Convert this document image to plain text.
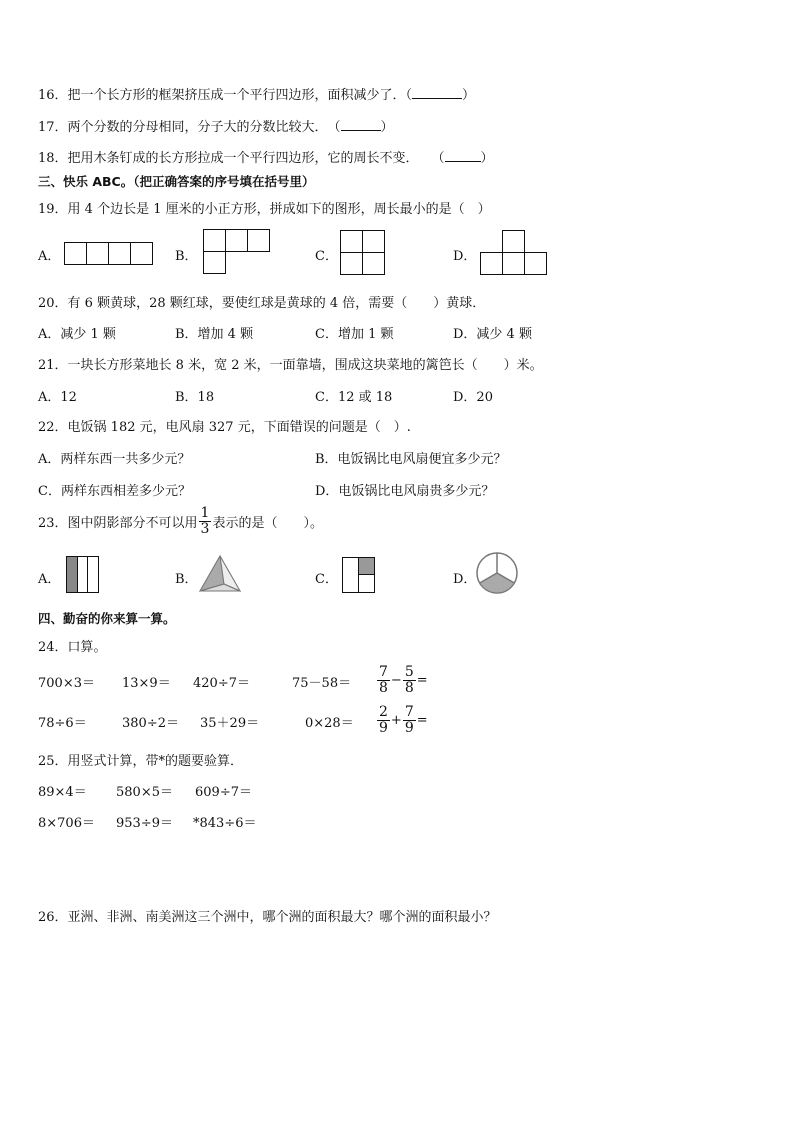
16．把一个长方形的框架挤压成一个平行四边形，面积减少了．（	）
17．两个分数的分母相同，分子大的分数比较大．　（	）
18．把用木条钉成的长方形拉成一个平行四边形，它的周长不变．　　（	）
三、快乐 ABC。（把正确答案的序号填在括号里）
19．用 4 个边长是 1 厘米的小正方形，拼成如下的图形，周长最小的是（　）
A．	B．	C．	D．
20．有 6 颗黄球，28 颗红球，要使红球是黄球的 4 倍，需要（　　）黄球．
A．减少 1 颗	B．增加 4 颗	C．增加 1 颗	D．减少 4 颗
21．一块长方形菜地长 8 米，宽 2 米，一面靠墙，围成这块菜地的篱笆长（　　）米。
A．12	B．18	C．12 或 18	D．20
22．电饭锅 182 元，电风扇 327 元，下面错误的问题是（　）.
A．两样东西一共多少元？	B．电饭锅比电风扇便宜多少元？
C．两样东西相差多少元？	D．电饭锅比电风扇贵多少元？
23．图中阴影部分不可以用 $\frac{1}{3}$ 表示的是（　　）。
A．	B．	C．	D．
四、勤奋的你来算一算。
24．口算。
700×3＝ 13×9＝ 420÷7＝	$75-58= \frac{7}{8} - \frac{5}{8}$ =
78÷6＝	380÷2＝ 35＋29＝	$0\times 28= \frac{2}{9} + \frac{7}{9}$ =
25．用竖式计算，带*的题要验算．
89×4＝ 580×5＝ 609÷7＝
8×706＝ 953÷9＝ *843÷6＝
26．亚洲、非洲、南美洲这三个洲中，哪个洲的面积最大？哪个洲的面积最小？
